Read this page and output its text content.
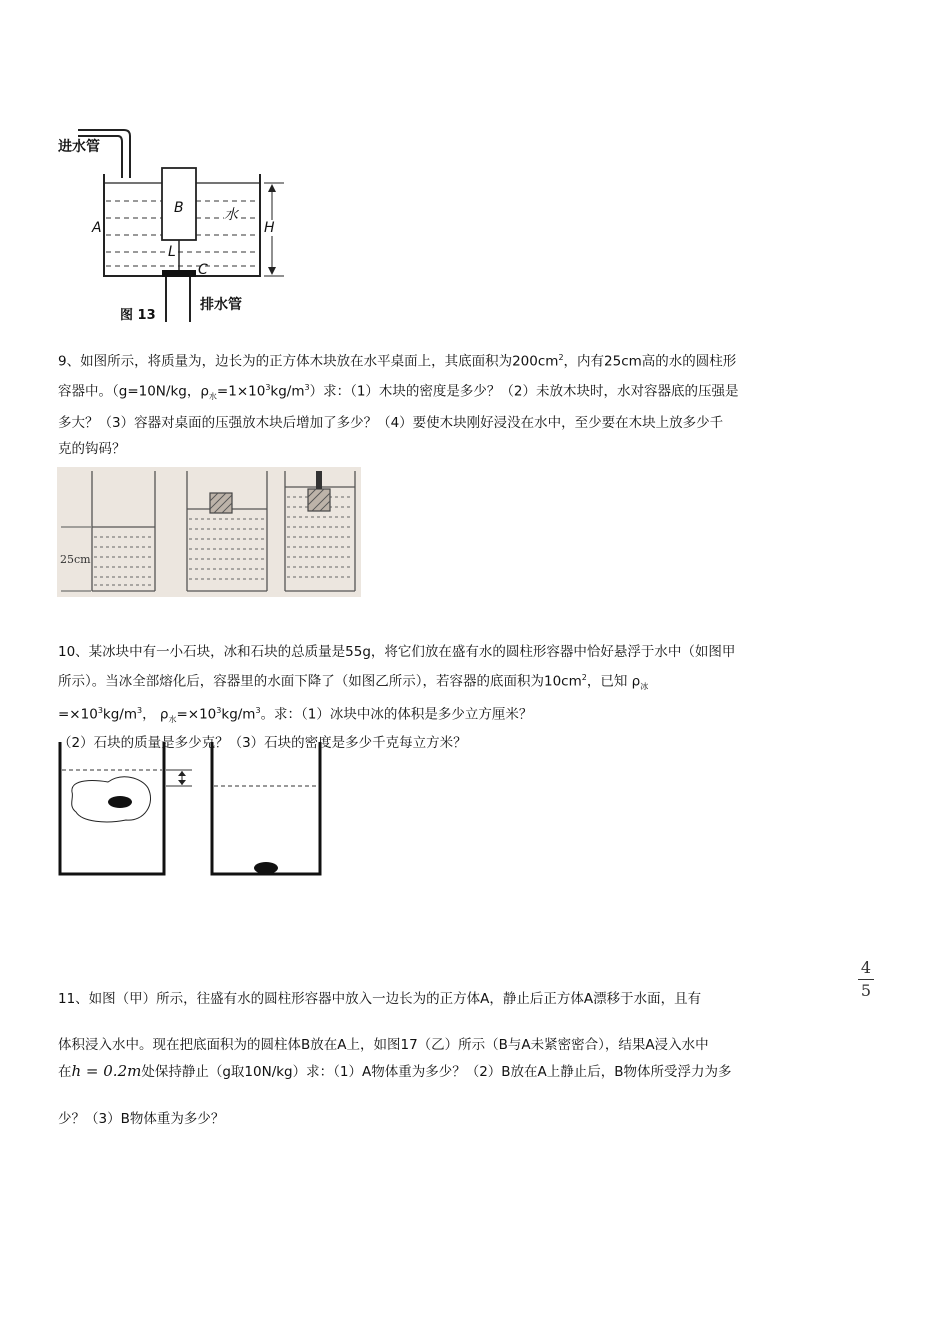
进水管
A
B	水
L
C
H
图 13
排水管
9、如图所示，将质量为，边长为的正方体木块放在水平桌面上，其底面积为$200cm^2$，内有25cm高的水的圆柱形
容器中。（g=10N/kg，$\rho_水=1\times 10^3kg/m^3$）求：（1）木块的密度是多少？（2）未放木块时，水对容器底的压强是
多大？（3）容器对桌面的压强放木块后增加了多少？（4）要使木块刚好浸没在水中，至少要在木块上放多少千
克的钩码？
25cm
10、某冰块中有一小石块，冰和石块的总质量是55g，将它们放在盛有水的圆柱形容器中恰好悬浮于水中（如图甲
所示）。当冰全部熔化后，容器里的水面下降了（如图乙所示），若容器的底面积为$10cm^2$，已知 $\rho_冰$
$=\times 10^3kg/m^3$， $\rho_水=\times 10^3kg/m^3$。求：（1）冰块中冰的体积是多少立方厘米？
（2）石块的质量是多少克？（3）石块的密度是多少千克每立方米？
4
5
11、如图（甲）所示，往盛有水的圆柱形容器中放入一边长为的正方体A，静止后正方体A漂移于水面，且有
体积浸入水中。现在把底面积为的圆柱体B放在A上，如图17（乙）所示（B与A未紧密密合），结果A浸入水中
在h = 0.2m处保持静止（g取10N/kg）求：（1）A物体重为多少？（2）B放在A上静止后，B物体所受浮力为多
少？（3）B物体重为多少？
